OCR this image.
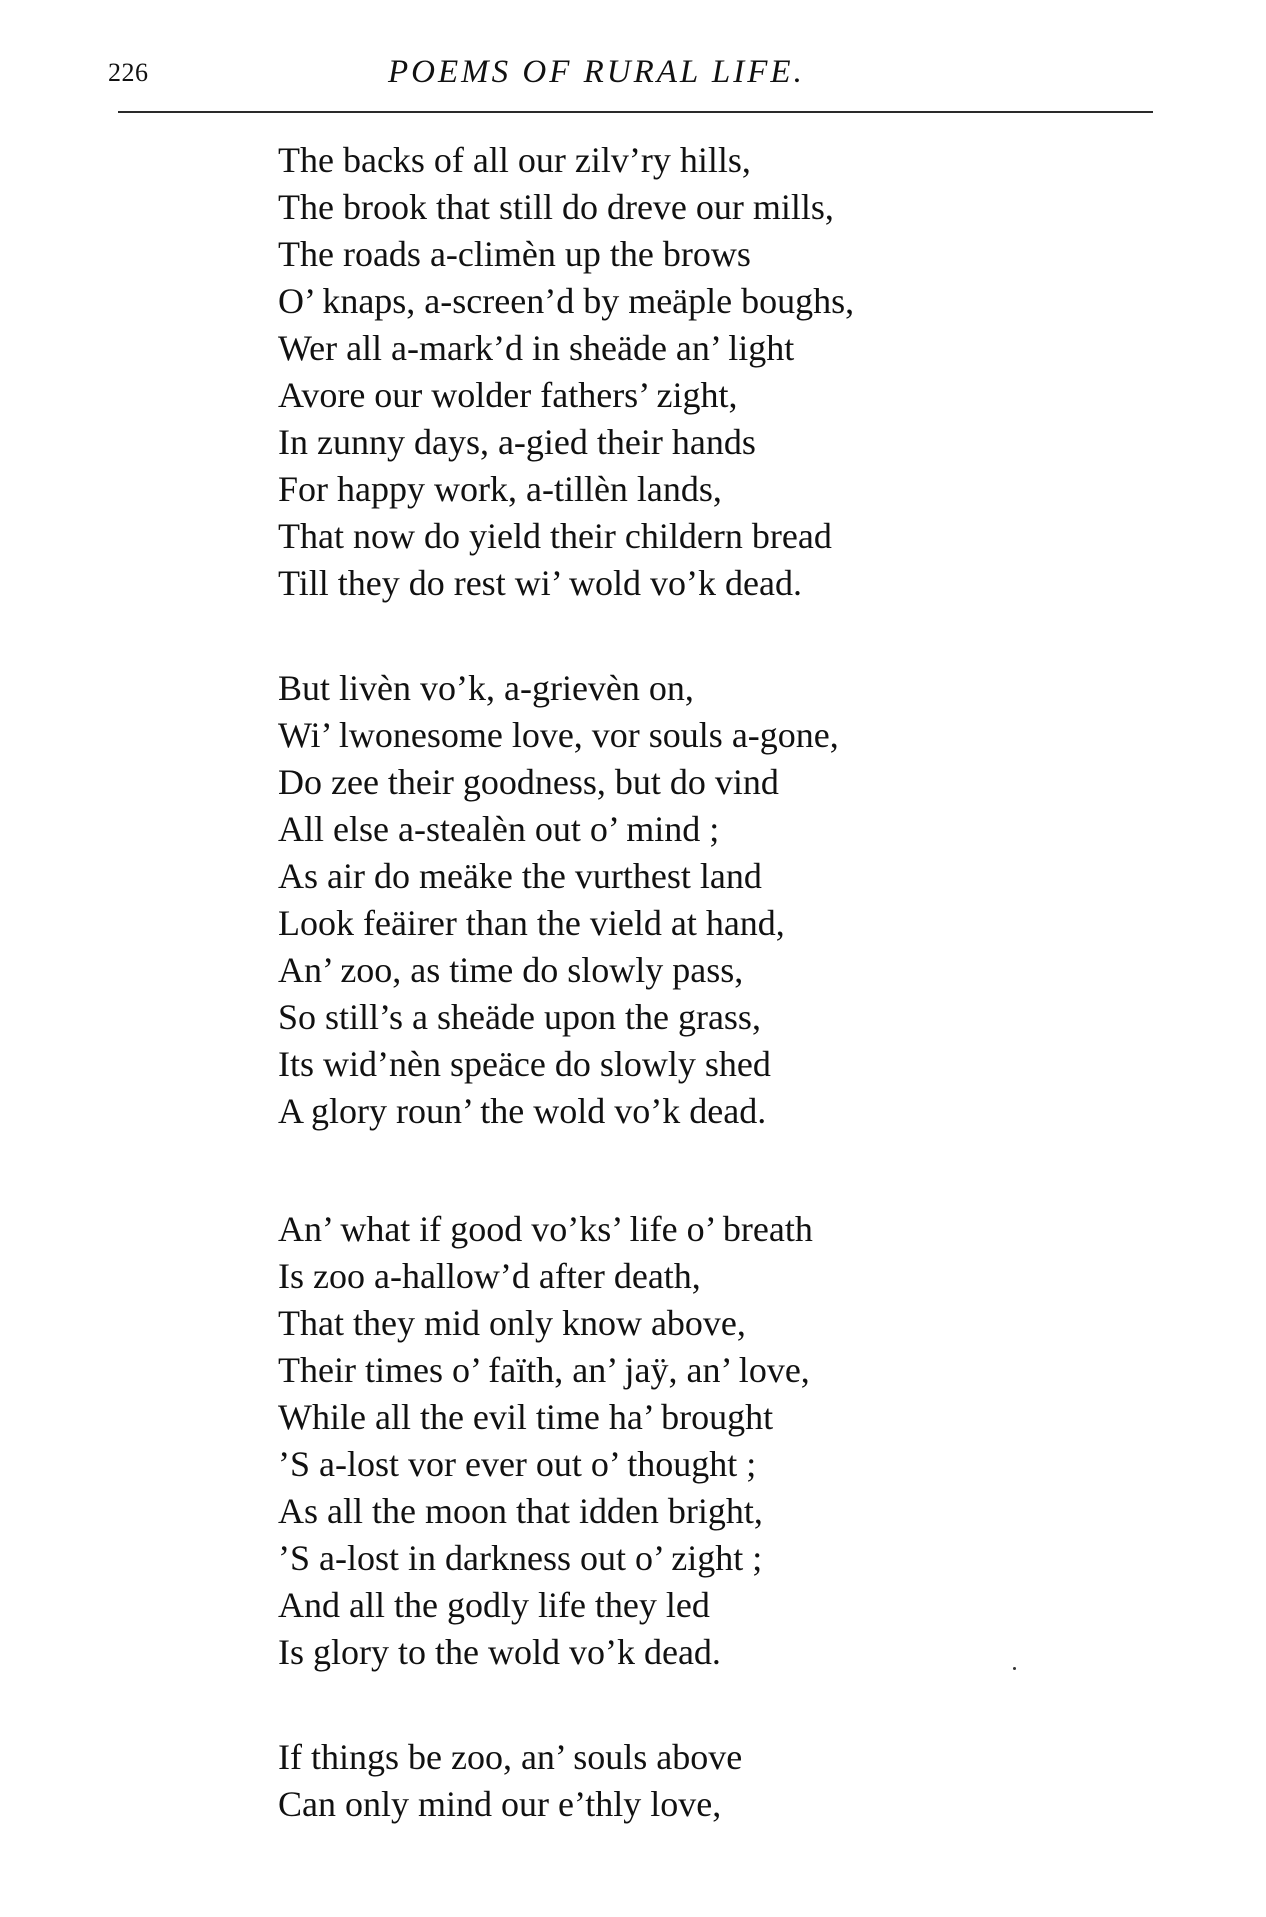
226	POEMS OF RURAL LIFE.
The backs of all our zilv’ry hills,
The brook that still do dreve our mills,
The roads a-climèn up the brows
O’ knaps, a-screen’d by meäple boughs,
Wer all a-mark’d in sheäde an’ light
Avore our wolder fathers’ zight,
In zunny days, a-gied their hands
For happy work, a-tillèn lands,
That now do yield their childern bread
Till they do rest wi’ wold vo’k dead.
But livèn vo’k, a-grievèn on,
Wi’ lwonesome love, vor souls a-gone,
Do zee their goodness, but do vind
All else a-stealèn out o’ mind ;
As air do meäke the vurthest land
Look feäirer than the vield at hand,
An’ zoo, as time do slowly pass,
So still’s a sheäde upon the grass,
Its wid’nèn speäce do slowly shed
A glory roun’ the wold vo’k dead.
An’ what if good vo’ks’ life o’ breath
Is zoo a-hallow’d after death,
That they mid only know above,
Their times o’ faïth, an’ jaÿ, an’ love,
While all the evil time ha’ brought
’S a-lost vor ever out o’ thought ;
As all the moon that idden bright,
’S a-lost in darkness out o’ zight ;
And all the godly life they led
Is glory to the wold vo’k dead.
If things be zoo, an’ souls above
Can only mind our e’thly love,
